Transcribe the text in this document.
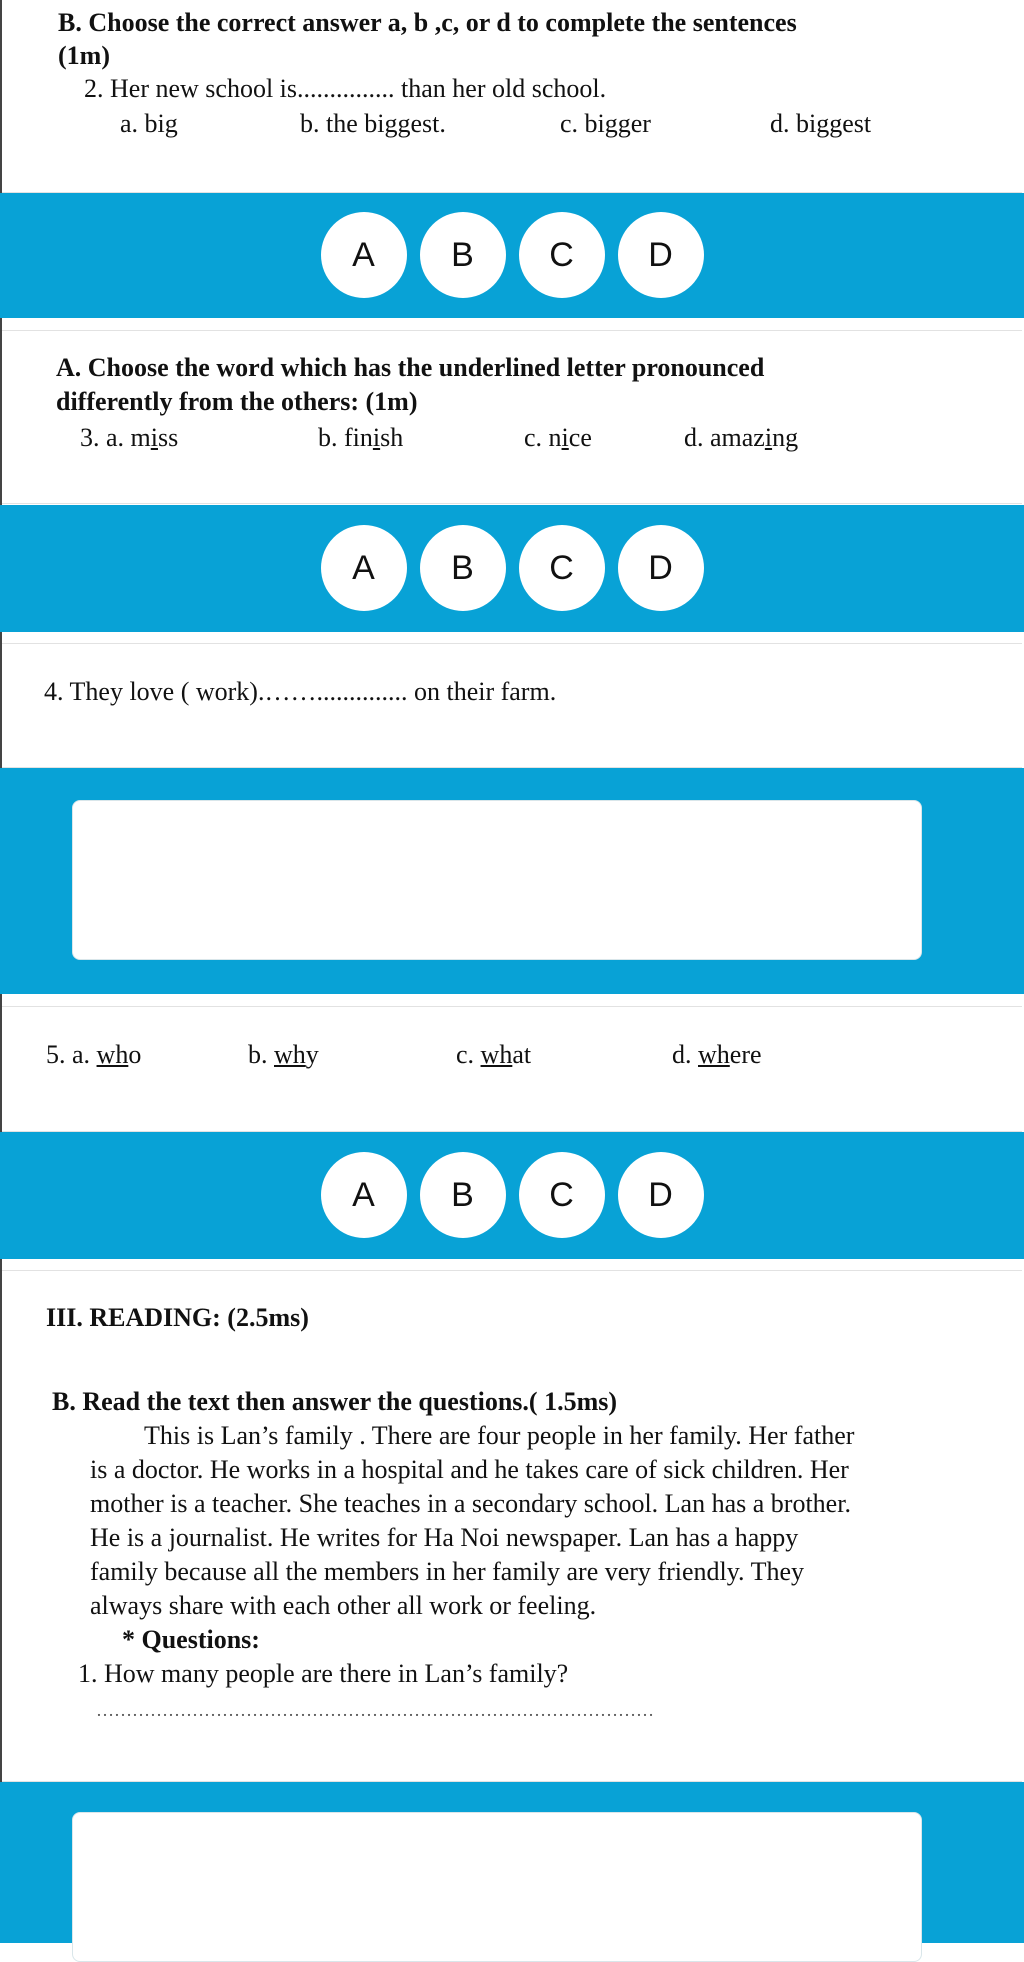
B. Choose the correct answer a, b ,c, or d to complete the sentences
(1m)
2. Her new school is............... than her old school.
a. big	b. the biggest.	c. bigger	d. biggest
A	B	C	D
A. Choose the word which has the underlined letter pronounced
differently from the others: (1m)
3. a. miss	b. finish	c. nice	d. amazing
A	B	C	D
4. They love ( work).…….............. on their farm.
5. a. who	b. why	c. what	d. where
A	B	C	D
III. READING: (2.5ms)
B. Read the text then answer the questions.( 1.5ms)
This is Lan’s family . There are four people in her family. Her father
is a doctor. He works in a hospital and he takes care of sick children. Her
mother is a teacher. She teaches in a secondary school. Lan has a brother.
He is a journalist. He writes for Ha Noi newspaper. Lan has a happy
family because all the members in her family are very friendly. They
always share with each other all work or feeling.
* Questions:
1. How many people are there in Lan’s family?
…………………………………………………………………………………
